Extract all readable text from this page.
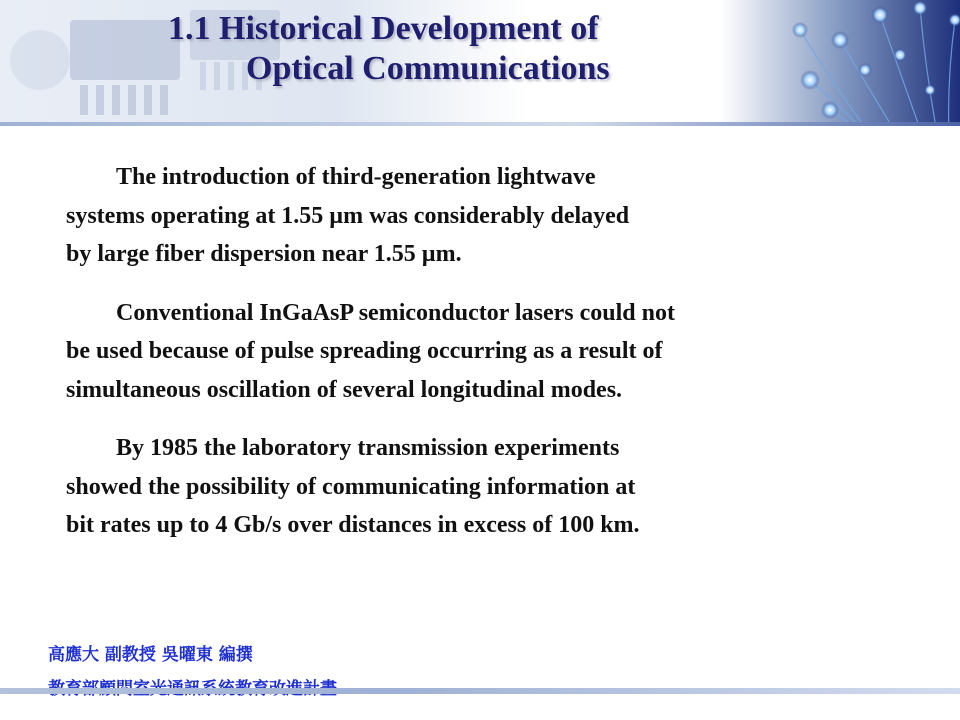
1.1 Historical Development of
Optical Communications

The introduction of third-generation lightwave
systems operating at 1.55 µm was considerably delayed
by large fiber dispersion near 1.55 µm.

Conventional InGaAsP semiconductor lasers could not
be used because of pulse spreading occurring as a result of
simultaneous oscillation of several longitudinal modes.

By 1985 the laboratory transmission experiments
showed the possibility of communicating information at
bit rates up to 4 Gb/s over distances in excess of 100 km.

高應大 副教授 吳曜東 編撰
